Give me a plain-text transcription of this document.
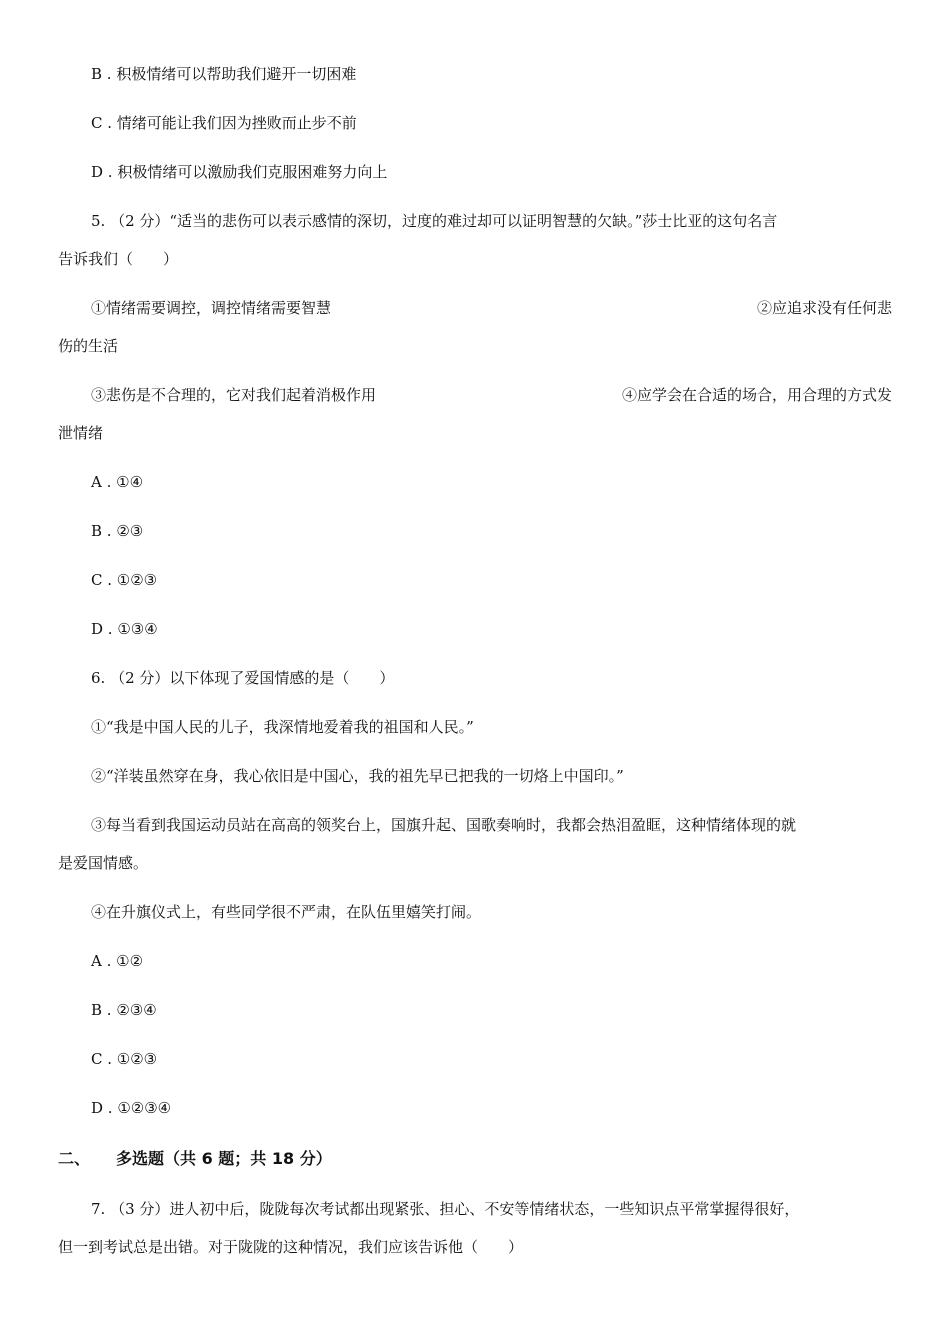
B . 积极情绪可以帮助我们避开一切困难
C . 情绪可能让我们因为挫败而止步不前
D . 积极情绪可以激励我们克服困难努力向上
5. （2 分）“适当的悲伤可以表示感情的深切，过度的难过却可以证明智慧的欠缺。”莎士比亚的这句名言
告诉我们（　　）
①情绪需要调控，调控情绪需要智慧	②应追求没有任何悲
伤的生活
③悲伤是不合理的，它对我们起着消极作用	④应学会在合适的场合，用合理的方式发
泄情绪
A . ①④
B . ②③
C . ①②③
D . ①③④
6. （2 分）以下体现了爱国情感的是（　　）
①“我是中国人民的儿子，我深情地爱着我的祖国和人民。”
②“洋装虽然穿在身，我心依旧是中国心，我的祖先早已把我的一切烙上中国印。”
③每当看到我国运动员站在高高的领奖台上，国旗升起、国歌奏响时，我都会热泪盈眶，这种情绪体现的就
是爱国情感。
④在升旗仪式上，有些同学很不严肃，在队伍里嬉笑打闹。
A . ①②
B . ②③④
C . ①②③
D . ①②③④
二、 多选题（共 6 题；共 18 分）
7. （3 分）进人初中后，陇陇每次考试都出现紧张、担心、不安等情绪状态，一些知识点平常掌握得很好，
但一到考试总是出错。对于陇陇的这种情况，我们应该告诉他（　　）
